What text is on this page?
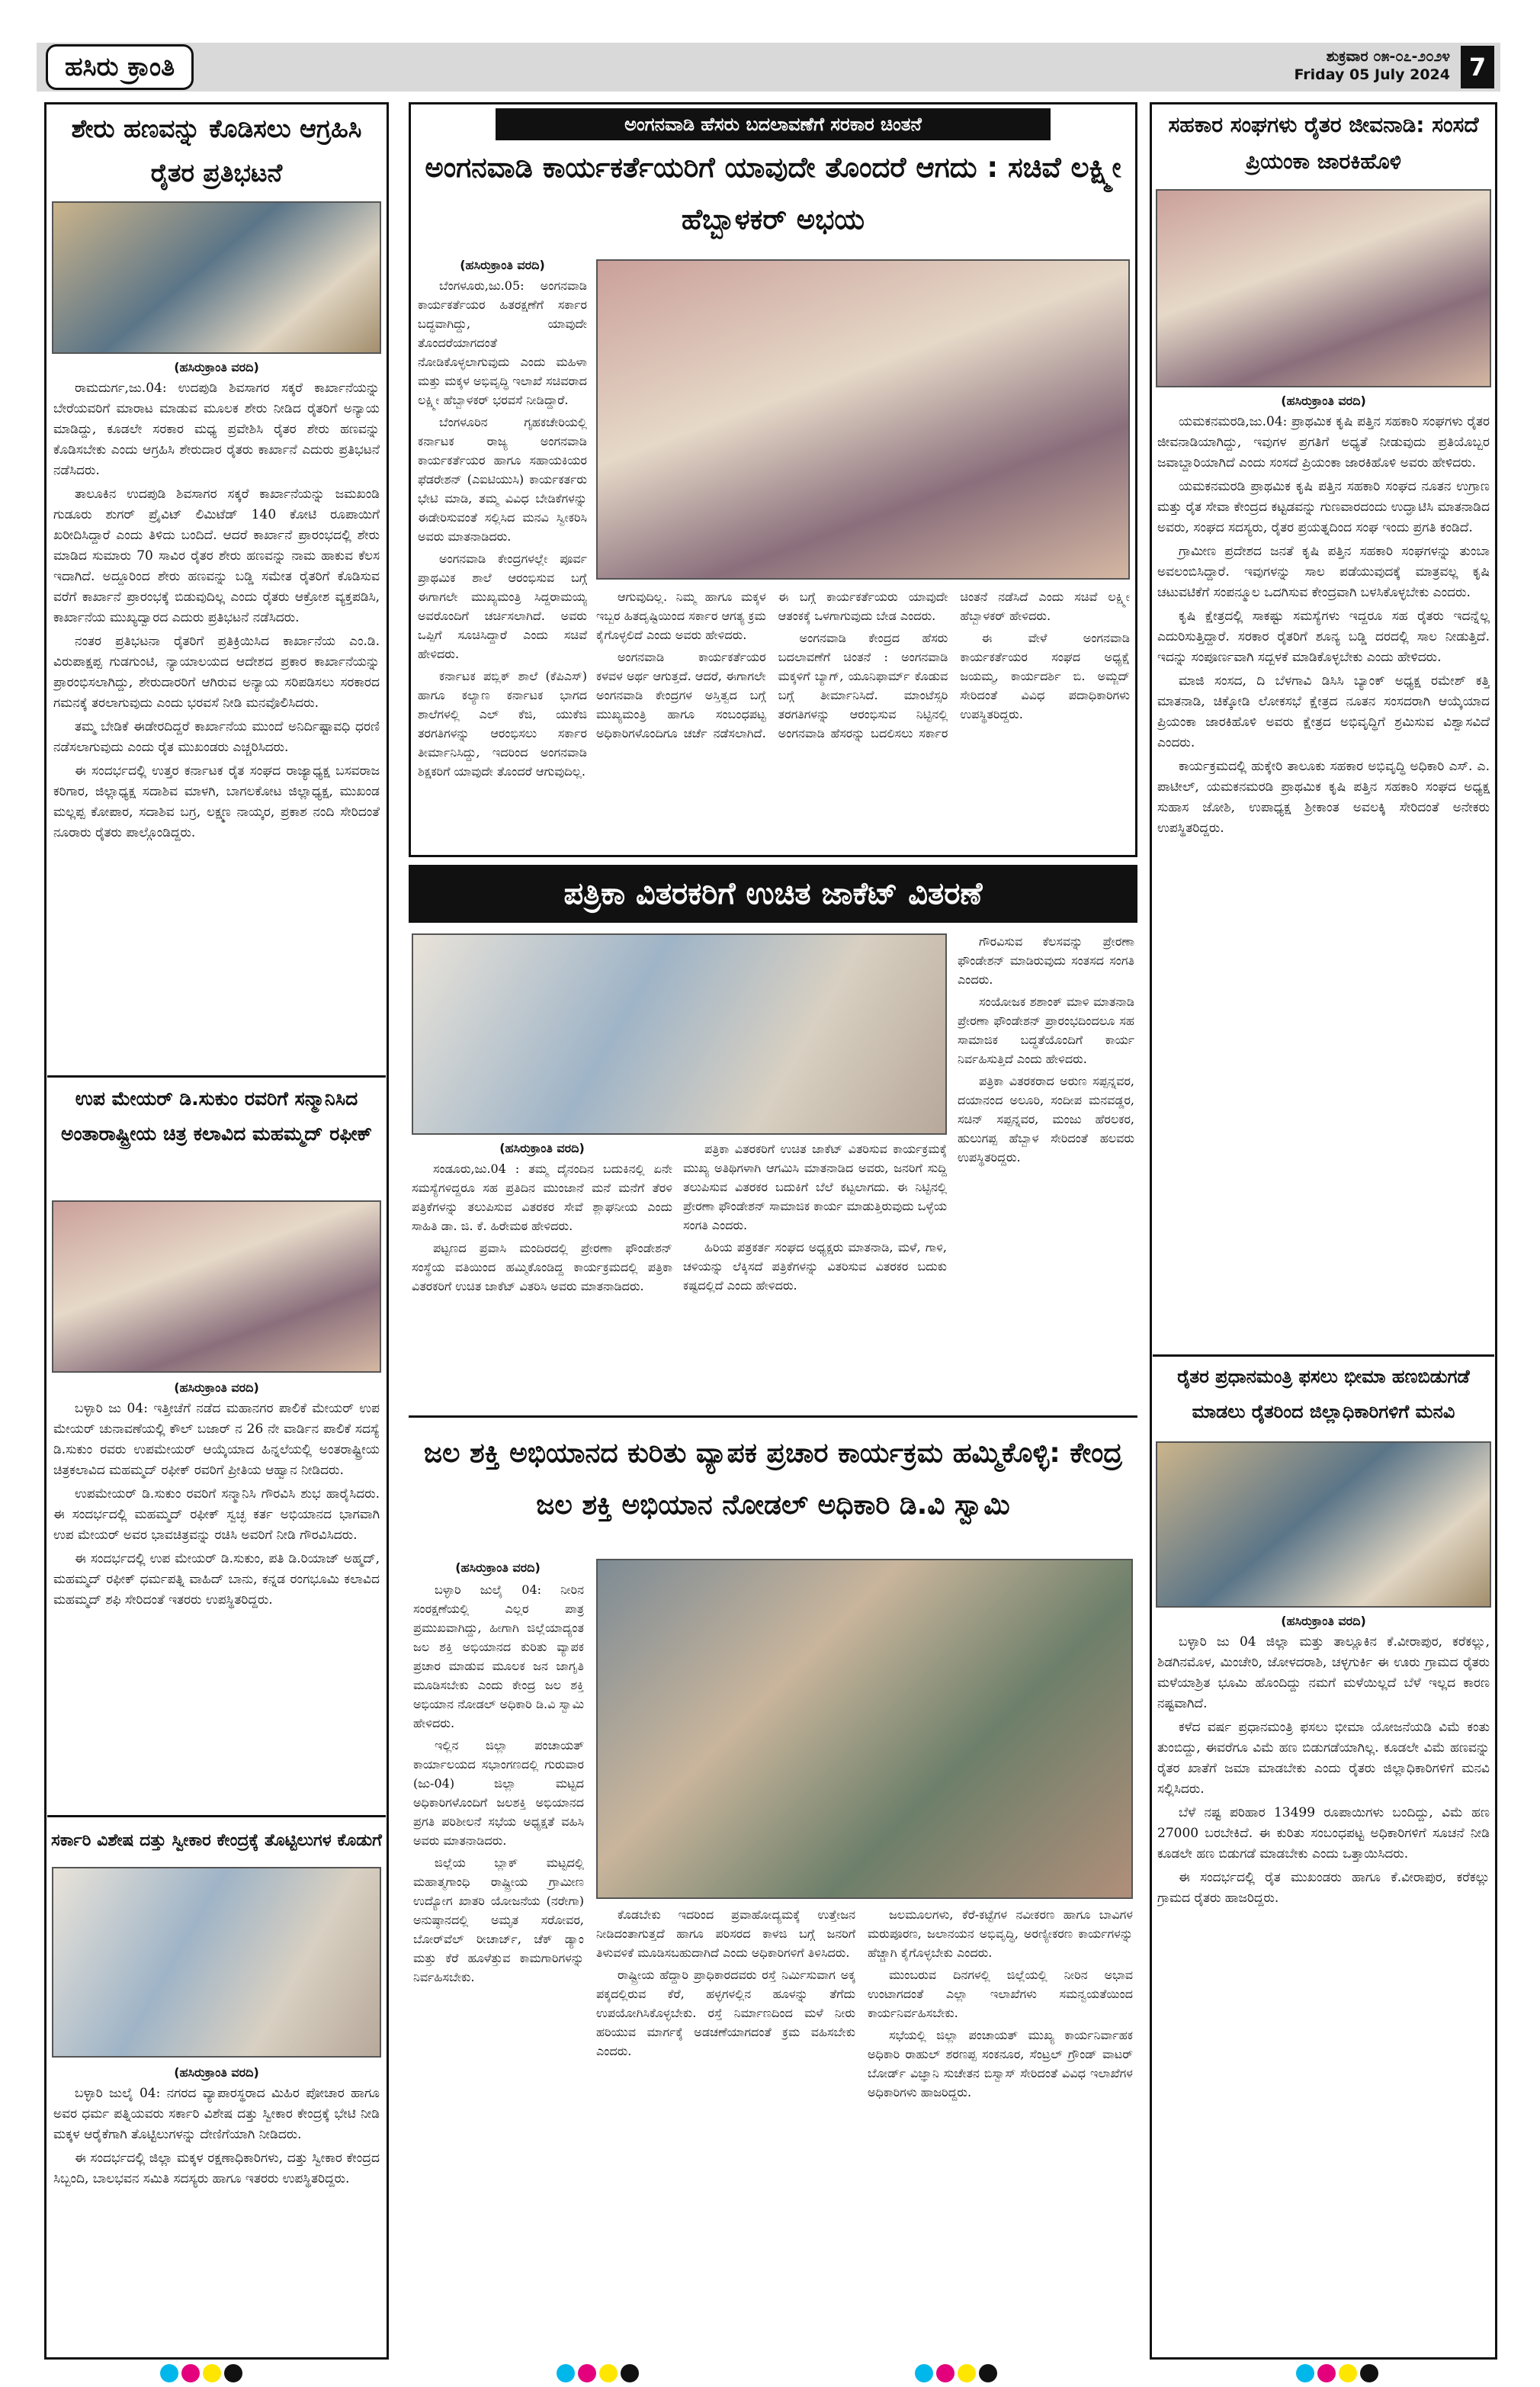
ಹಸಿರು ಕ್ರಾಂತಿ	ಶುಕ್ರವಾರ ೦೫-೦೭-೨೦೨೪
Friday 05 July 2024 7
ಶೇರು ಹಣವನ್ನು ಕೊಡಿಸಲು ಆಗ್ರಹಿಸಿ ರೈತರ ಪ್ರತಿಭಟನೆ
(ಹಸಿರುಕ್ರಾಂತಿ ವರದಿ)

ರಾಮದುರ್ಗ,ಜು.04: ಉದಪುಡಿ ಶಿವಸಾಗರ ಸಕ್ಕರೆ ಕಾರ್ಖಾನೆಯನ್ನು ಬೇರೆಯವರಿಗೆ ಮಾರಾಟ ಮಾಡುವ ಮೂಲಕ ಶೇರು ನೀಡಿದ ರೈತರಿಗೆ ಅನ್ಯಾಯ ಮಾಡಿದ್ದು, ಕೂಡಲೇ ಸರಕಾರ ಮಧ್ಯ ಪ್ರವೇಶಿಸಿ ರೈತರ ಶೇರು ಹಣವನ್ನು ಕೊಡಿಸಬೇಕು ಎಂದು ಆಗ್ರಹಿಸಿ ಶೇರುದಾರ ರೈತರು ಕಾರ್ಖಾನೆ ಎದುರು ಪ್ರತಿಭಟನೆ ನಡೆಸಿದರು.

ತಾಲೂಕಿನ ಉದಪುಡಿ ಶಿವಸಾಗರ ಸಕ್ಕರೆ ಕಾರ್ಖಾನೆಯನ್ನು ಜಮಖಂಡಿ ಗುಡೂರು ಶುಗರ್ ಪ್ರೈವಿಟ್ ಲಿಮಿಟೆಡ್ 140 ಕೋಟಿ ರೂಪಾಯಿಗೆ ಖರೀದಿಸಿದ್ದಾರೆ ಎಂದು ತಿಳಿದು ಬಂದಿದೆ. ಆದರೆ ಕಾರ್ಖಾನೆ ಪ್ರಾರಂಭದಲ್ಲಿ ಶೇರು ಮಾಡಿದ ಸುಮಾರು 70 ಸಾವಿರ ರೈತರ ಶೇರು ಹಣವನ್ನು ನಾಮ ಹಾಕುವ ಕೆಲಸ ಇದಾಗಿದೆ. ಅದ್ದೂರಿಂದ ಶೇರು ಹಣವನ್ನು ಬಡ್ಡಿ ಸಮೇತ ರೈತರಿಗೆ ಕೊಡಿಸುವ ವರೆಗೆ ಕಾರ್ಖಾನೆ ಪ್ರಾರಂಭಕ್ಕೆ ಬಿಡುವುದಿಲ್ಲ ಎಂದು ರೈತರು ಆಕ್ರೋಶ ವ್ಯಕ್ತಪಡಿಸಿ, ಕಾರ್ಖಾನೆಯ ಮುಖ್ಯದ್ವಾರದ ಎದುರು ಪ್ರತಿಭಟನೆ ನಡೆಸಿದರು.

ನಂತರ ಪ್ರತಿಭಟನಾ ರೈತರಿಗೆ ಪ್ರತಿಕ್ರಿಯಿಸಿದ ಕಾರ್ಖಾನೆಯ ಎಂ.ಡಿ. ವಿರುಪಾಕ್ಷಪ್ಪ ಗುಡಗುಂಟಿ, ನ್ಯಾಯಾಲಯದ ಆದೇಶದ ಪ್ರಕಾರ ಕಾರ್ಖಾನೆಯನ್ನು ಪ್ರಾರಂಭಿಸಲಾಗಿದ್ದು, ಶೇರುದಾರರಿಗೆ ಆಗಿರುವ ಅನ್ಯಾಯ ಸರಿಪಡಿಸಲು ಸರಕಾರದ ಗಮನಕ್ಕೆ ತರಲಾಗುವುದು ಎಂದು ಭರವಸೆ ನೀಡಿ ಮನವೊಲಿಸಿದರು.

ತಮ್ಮ ಬೇಡಿಕೆ ಈಡೇರದಿದ್ದರೆ ಕಾರ್ಖಾನೆಯ ಮುಂದೆ ಅನಿರ್ದಿಷ್ಟಾವಧಿ ಧರಣಿ ನಡೆಸಲಾಗುವುದು ಎಂದು ರೈತ ಮುಖಂಡರು ಎಚ್ಚರಿಸಿದರು.

ಈ ಸಂದರ್ಭದಲ್ಲಿ ಉತ್ತರ ಕರ್ನಾಟಕ ರೈತ ಸಂಘದ ರಾಜ್ಯಾಧ್ಯಕ್ಷ ಬಸವರಾಜ ಕರಿಗಾರ, ಜಿಲ್ಲಾಧ್ಯಕ್ಷ ಸದಾಶಿವ ಮಾಳಗಿ, ಬಾಗಲಕೋಟ ಜಿಲ್ಲಾಧ್ಯಕ್ಷ, ಮುಖಂಡ ಮಲ್ಲಪ್ಪ ಕೋಪಾರ, ಸದಾಶಿವ ಬಗ್ರ, ಲಕ್ಷ್ಮಣ ನಾಯ್ಕರ, ಪ್ರಕಾಶ ನಂದಿ ಸೇರಿದಂತೆ ನೂರಾರು ರೈತರು ಪಾಲ್ಗೊಂಡಿದ್ದರು.

ಉಪ ಮೇಯರ್ ಡಿ.ಸುಕುಂ ರವರಿಗೆ ಸನ್ಮಾನಿಸಿದ ಅಂತಾರಾಷ್ಟ್ರೀಯ ಚಿತ್ರ ಕಲಾವಿದ ಮಹಮ್ಮದ್ ರಫೀಕ್
(ಹಸಿರುಕ್ರಾಂತಿ ವರದಿ)

ಬಳ್ಳಾರಿ ಜು 04: ಇತ್ತೀಚೆಗೆ ನಡೆದ ಮಹಾನಗರ ಪಾಲಿಕೆ ಮೇಯರ್ ಉಪ ಮೇಯರ್ ಚುನಾವಣೆಯಲ್ಲಿ ಕೌಲ್ ಬಜಾರ್ ನ 26 ನೇ ವಾರ್ಡಿನ ಪಾಲಿಕೆ ಸದಸ್ಯೆ ಡಿ.ಸುಕುಂ ರವರು ಉಪಮೇಯರ್ ಆಯ್ಕೆಯಾದ ಹಿನ್ನಲೆಯಲ್ಲಿ ಅಂತರಾಷ್ಟ್ರೀಯ ಚಿತ್ರಕಲಾವಿದ ಮಹಮ್ಮದ್ ರಫೀಕ್ ರವರಿಗೆ ಪ್ರೀತಿಯ ಆಹ್ವಾನ ನೀಡಿದರು.

ಉಪಮೇಯರ್ ಡಿ.ಸುಕುಂ ರವರಿಗೆ ಸನ್ಮಾನಿಸಿ ಗೌರವಿಸಿ ಶುಭ ಹಾರೈಸಿದರು. ಈ ಸಂದರ್ಭದಲ್ಲಿ ಮಹಮ್ಮದ್ ರಫೀಕ್ ಸ್ವಚ್ಛ ಕರ್ತ ಅಭಿಯಾನದ ಭಾಗವಾಗಿ ಉಪ ಮೇಯರ್ ಅವರ ಭಾವಚಿತ್ರವನ್ನು ರಚಿಸಿ ಅವರಿಗೆ ನೀಡಿ ಗೌರವಿಸಿದರು.

ಈ ಸಂದರ್ಭದಲ್ಲಿ ಉಪ ಮೇಯರ್ ಡಿ.ಸುಕುಂ, ಪತಿ ಡಿ.ರಿಯಾಜ್ ಅಹ್ಮದ್, ಮಹಮ್ಮದ್ ರಫೀಕ್ ಧರ್ಮಪತ್ನಿ ವಾಹಿದ್ ಬಾನು, ಕನ್ನಡ ರಂಗಭೂಮಿ ಕಲಾವಿದ ಮಹಮ್ಮದ್ ಶಫಿ ಸೇರಿದಂತೆ ಇತರರು ಉಪಸ್ಥಿತರಿದ್ದರು.

ಸರ್ಕಾರಿ ವಿಶೇಷ ದತ್ತು ಸ್ವೀಕಾರ ಕೇಂದ್ರಕ್ಕೆ ತೊಟ್ಟಿಲುಗಳ ಕೊಡುಗೆ
(ಹಸಿರುಕ್ರಾಂತಿ ವರದಿ)

ಬಳ್ಳಾರಿ ಜುಲೈ 04: ನಗರದ ವ್ಯಾಪಾರಸ್ಥರಾದ ಮಿಹಿರ ಪೋಚಾರ ಹಾಗೂ ಅವರ ಧರ್ಮ ಪತ್ನಿಯವರು ಸರ್ಕಾರಿ ವಿಶೇಷ ದತ್ತು ಸ್ವೀಕಾರ ಕೇಂದ್ರಕ್ಕೆ ಭೇಟಿ ನೀಡಿ ಮಕ್ಕಳ ಆರೈಕೆಗಾಗಿ ತೊಟ್ಟಿಲುಗಳನ್ನು ದೇಣಿಗೆಯಾಗಿ ನೀಡಿದರು.

ಈ ಸಂದರ್ಭದಲ್ಲಿ ಜಿಲ್ಲಾ ಮಕ್ಕಳ ರಕ್ಷಣಾಧಿಕಾರಿಗಳು, ದತ್ತು ಸ್ವೀಕಾರ ಕೇಂದ್ರದ ಸಿಬ್ಬಂದಿ, ಬಾಲಭವನ ಸಮಿತಿ ಸದಸ್ಯರು ಹಾಗೂ ಇತರರು ಉಪಸ್ಥಿತರಿದ್ದರು.

ಅಂಗನವಾಡಿ ಹೆಸರು ಬದಲಾವಣೆಗೆ ಸರಕಾರ ಚಿಂತನೆ
ಅಂಗನವಾಡಿ ಕಾರ್ಯಕರ್ತೆಯರಿಗೆ ಯಾವುದೇ ತೊಂದರೆ ಆಗದು : ಸಚಿವೆ ಲಕ್ಷ್ಮೀ ಹೆಬ್ಬಾಳಕರ್ ಅಭಯ
(ಹಸಿರುಕ್ರಾಂತಿ ವರದಿ)

ಬೆಂಗಳೂರು,ಜು.05: ಅಂಗನವಾಡಿ ಕಾರ್ಯಕರ್ತೆಯರ ಹಿತರಕ್ಷಣೆಗೆ ಸರ್ಕಾರ ಬದ್ಧವಾಗಿದ್ದು, ಯಾವುದೇ ತೊಂದರೆಯಾಗದಂತೆ ನೋಡಿಕೊಳ್ಳಲಾಗುವುದು ಎಂದು ಮಹಿಳಾ ಮತ್ತು ಮಕ್ಕಳ ಅಭಿವೃದ್ಧಿ ಇಲಾಖೆ ಸಚಿವರಾದ ಲಕ್ಷ್ಮೀ ಹೆಬ್ಬಾಳಕರ್ ಭರವಸೆ ನೀಡಿದ್ದಾರೆ.

ಬೆಂಗಳೂರಿನ ಗೃಹಕಚೇರಿಯಲ್ಲಿ ಕರ್ನಾಟಕ ರಾಜ್ಯ ಅಂಗನವಾಡಿ ಕಾರ್ಯಕರ್ತೆಯರ ಹಾಗೂ ಸಹಾಯಕಿಯರ ಫೆಡರೇಶನ್ (ಎಐಟಿಯುಸಿ) ಕಾರ್ಯಕರ್ತರು ಭೇಟಿ ಮಾಡಿ, ತಮ್ಮ ವಿವಿಧ ಬೇಡಿಕೆಗಳನ್ನು ಈಡೇರಿಸುವಂತೆ ಸಲ್ಲಿಸಿದ ಮನವಿ ಸ್ವೀಕರಿಸಿ ಅವರು ಮಾತನಾಡಿದರು.

ಅಂಗನವಾಡಿ ಕೇಂದ್ರಗಳಲ್ಲೇ ಪೂರ್ವ ಪ್ರಾಥಮಿಕ ಶಾಲೆ ಆರಂಭಿಸುವ ಬಗ್ಗೆ ಈಗಾಗಲೇ ಮುಖ್ಯಮಂತ್ರಿ ಸಿದ್ದರಾಮಯ್ಯ ಅವರೊಂದಿಗೆ ಚರ್ಚಿಸಲಾಗಿದೆ. ಅವರು ಒಪ್ಪಿಗೆ ಸೂಚಿಸಿದ್ದಾರೆ ಎಂದು ಸಚಿವೆ ಹೇಳಿದರು.

ಕರ್ನಾಟಕ ಪಬ್ಲಿಕ್ ಶಾಲೆ (ಕೆಪಿಎಸ್) ಹಾಗೂ ಕಲ್ಯಾಣ ಕರ್ನಾಟಕ ಭಾಗದ ಶಾಲೆಗಳಲ್ಲಿ ಎಲ್ ಕೆಜಿ, ಯುಕೆಜಿ ತರಗತಿಗಳನ್ನು ಆರಂಭಿಸಲು ಸರ್ಕಾರ ತೀರ್ಮಾನಿಸಿದ್ದು, ಇದರಿಂದ ಅಂಗನವಾಡಿ ಶಿಕ್ಷಕರಿಗೆ ಯಾವುದೇ ತೊಂದರೆ ಆಗುವುದಿಲ್ಲ.

ಆಗುವುದಿಲ್ಲ. ನಿಮ್ಮ ಹಾಗೂ ಮಕ್ಕಳ ಇಬ್ಬರ ಹಿತದೃಷ್ಟಿಯಿಂದ ಸರ್ಕಾರ ಆಗತ್ಯ ಕ್ರಮ ಕೈಗೊಳ್ಳಲಿದೆ ಎಂದು ಅವರು ಹೇಳಿದರು.

ಅಂಗನವಾಡಿ ಕಾರ್ಯಕರ್ತೆಯರ ಕಳವಳ ಅರ್ಥ ಆಗುತ್ತದೆ. ಆದರೆ, ಈಗಾಗಲೇ ಅಂಗನವಾಡಿ ಕೇಂದ್ರಗಳ ಅಸ್ತಿತ್ವದ ಬಗ್ಗೆ ಮುಖ್ಯಮಂತ್ರಿ ಹಾಗೂ ಸಂಬಂಧಪಟ್ಟ ಅಧಿಕಾರಿಗಳೊಂದಿಗೂ ಚರ್ಚೆ ನಡೆಸಲಾಗಿದೆ. ಈ ಬಗ್ಗೆ ಕಾರ್ಯಕರ್ತೆಯರು ಯಾವುದೇ ಆತಂಕಕ್ಕೆ ಒಳಗಾಗುವುದು ಬೇಡ ಎಂದರು.

ಅಂಗನವಾಡಿ ಕೇಂದ್ರದ ಹೆಸರು ಬದಲಾವಣೆಗೆ ಚಿಂತನೆ : ಅಂಗನವಾಡಿ ಮಕ್ಕಳಿಗೆ ಬ್ಯಾಗ್, ಯೂನಿಫಾರ್ಮ್ ಕೊಡುವ ಬಗ್ಗೆ ತೀರ್ಮಾನಿಸಿದೆ. ಮಾಂಟೆಸ್ಸರಿ ತರಗತಿಗಳನ್ನು ಆರಂಭಿಸುವ ನಿಟ್ಟಿನಲ್ಲಿ ಅಂಗನವಾಡಿ ಹೆಸರನ್ನು ಬದಲಿಸಲು ಸರ್ಕಾರ ಚಿಂತನೆ ನಡೆಸಿದೆ ಎಂದು ಸಚಿವೆ ಲಕ್ಷ್ಮೀ ಹೆಬ್ಬಾಳಕರ್ ಹೇಳಿದರು.

ಈ ವೇಳೆ ಅಂಗನವಾಡಿ ಕಾರ್ಯಕರ್ತೆಯರ ಸಂಘದ ಅಧ್ಯಕ್ಷೆ ಜಯಮ್ಮ, ಕಾರ್ಯದರ್ಶಿ ಬಿ. ಅಮ್ಜದ್ ಸೇರಿದಂತೆ ವಿವಿಧ ಪದಾಧಿಕಾರಿಗಳು ಉಪಸ್ಥಿತರಿದ್ದರು.

ಪತ್ರಿಕಾ ವಿತರಕರಿಗೆ ಉಚಿತ ಜಾಕೆಟ್ ವಿತರಣೆ

ಗೌರವಿಸುವ ಕೆಲಸವನ್ನು ಪ್ರೇರಣಾ ಫೌಂಡೇಶನ್ ಮಾಡಿರುವುದು ಸಂತಸದ ಸಂಗತಿ ಎಂದರು.

ಸಂಯೋಜಕ ಶಶಾಂಕ್ ಮಾಳಿ ಮಾತನಾಡಿ ಪ್ರೇರಣಾ ಫೌಂಡೇಶನ್ ಪ್ರಾರಂಭದಿಂದಲೂ ಸಹ ಸಾಮಾಜಿಕ ಬದ್ಧತೆಯೊಂದಿಗೆ ಕಾರ್ಯ ನಿರ್ವಹಿಸುತ್ತಿದೆ ಎಂದು ಹೇಳಿದರು.

ಪತ್ರಿಕಾ ವಿತರಕರಾದ ಅರುಣ ಸಪ್ಪನ್ನವರ, ದಯಾನಂದ ಅಲೂರಿ, ಸಂದೀಪ ಮನವಡ್ಡರ, ಸಚಿನ್ ಸಪ್ಪನ್ನವರ, ಮಂಜು ಹೆರಲಕರ, ಹುಲುಗಪ್ಪ ಹೆಬ್ಬಾಳ ಸೇರಿದಂತೆ ಹಲವರು ಉಪಸ್ಥಿತರಿದ್ದರು.

(ಹಸಿರುಕ್ರಾಂತಿ ವರದಿ)

ಸಂಡೂರು,ಜು.04 : ತಮ್ಮ ದೈನಂದಿನ ಬದುಕಿನಲ್ಲಿ ಏನೇ ಸಮಸ್ಯೆಗಳಿದ್ದರೂ ಸಹ ಪ್ರತಿದಿನ ಮುಂಜಾನೆ ಮನೆ ಮನೆಗೆ ತೆರಳಿ ಪತ್ರಿಕೆಗಳನ್ನು ತಲುಪಿಸುವ ವಿತರಕರ ಸೇವೆ ಶ್ಲಾಘನೀಯ ಎಂದು ಸಾಹಿತಿ ಡಾ. ಜಿ. ಕೆ. ಹಿರೇಮಠ ಹೇಳಿದರು.

ಪಟ್ಟಣದ ಪ್ರವಾಸಿ ಮಂದಿರದಲ್ಲಿ ಪ್ರೇರಣಾ ಫೌಂಡೇಶನ್ ಸಂಸ್ಥೆಯ ವತಿಯಿಂದ ಹಮ್ಮಿಕೊಂಡಿದ್ದ ಕಾರ್ಯಕ್ರಮದಲ್ಲಿ ಪತ್ರಿಕಾ ವಿತರಕರಿಗೆ ಉಚಿತ ಜಾಕೆಟ್ ವಿತರಿಸಿ ಅವರು ಮಾತನಾಡಿದರು.

ಪತ್ರಿಕಾ ವಿತರಕರಿಗೆ ಉಚಿತ ಜಾಕೆಟ್ ವಿತರಿಸುವ ಕಾರ್ಯಕ್ರಮಕ್ಕೆ ಮುಖ್ಯ ಅತಿಥಿಗಳಾಗಿ ಆಗಮಿಸಿ ಮಾತನಾಡಿದ ಅವರು, ಜನರಿಗೆ ಸುದ್ದಿ ತಲುಪಿಸುವ ವಿತರಕರ ಬದುಕಿಗೆ ಬೆಲೆ ಕಟ್ಟಲಾಗದು. ಈ ನಿಟ್ಟಿನಲ್ಲಿ ಪ್ರೇರಣಾ ಫೌಂಡೇಶನ್ ಸಾಮಾಜಿಕ ಕಾರ್ಯ ಮಾಡುತ್ತಿರುವುದು ಒಳ್ಳೆಯ ಸಂಗತಿ ಎಂದರು.

ಹಿರಿಯ ಪತ್ರಕರ್ತ ಸಂಘದ ಅಧ್ಯಕ್ಷರು ಮಾತನಾಡಿ, ಮಳೆ, ಗಾಳಿ, ಚಳಿಯನ್ನು ಲೆಕ್ಕಿಸದೆ ಪತ್ರಿಕೆಗಳನ್ನು ವಿತರಿಸುವ ವಿತರಕರ ಬದುಕು ಕಷ್ಟದಲ್ಲಿದೆ ಎಂದು ಹೇಳಿದರು.

ಜಲ ಶಕ್ತಿ ಅಭಿಯಾನದ ಕುರಿತು ವ್ಯಾಪಕ ಪ್ರಚಾರ ಕಾರ್ಯಕ್ರಮ ಹಮ್ಮಿಕೊಳ್ಳಿ: ಕೇಂದ್ರ ಜಲ ಶಕ್ತಿ ಅಭಿಯಾನ ನೋಡಲ್ ಅಧಿಕಾರಿ ಡಿ.ವಿ ಸ್ವಾಮಿ
(ಹಸಿರುಕ್ರಾಂತಿ ವರದಿ)

ಬಳ್ಳಾರಿ ಜುಲೈ 04: ನೀರಿನ ಸಂರಕ್ಷಣೆಯಲ್ಲಿ ಎಲ್ಲರ ಪಾತ್ರ ಪ್ರಮುಖವಾಗಿದ್ದು, ಹೀಗಾಗಿ ಜಿಲ್ಲೆಯಾದ್ಯಂತ ಜಲ ಶಕ್ತಿ ಅಭಿಯಾನದ ಕುರಿತು ವ್ಯಾಪಕ ಪ್ರಚಾರ ಮಾಡುವ ಮೂಲಕ ಜನ ಜಾಗೃತಿ ಮೂಡಿಸಬೇಕು ಎಂದು ಕೇಂದ್ರ ಜಲ ಶಕ್ತಿ ಅಭಿಯಾನ ನೋಡಲ್ ಅಧಿಕಾರಿ ಡಿ.ವಿ ಸ್ವಾಮಿ ಹೇಳಿದರು.

ಇಲ್ಲಿನ ಜಿಲ್ಲಾ ಪಂಚಾಯತ್ ಕಾರ್ಯಾಲಯದ ಸಭಾಂಗಣದಲ್ಲಿ ಗುರುವಾರ (ಜು-04) ಜಿಲ್ಲಾ ಮಟ್ಟದ ಅಧಿಕಾರಿಗಳೊಂದಿಗೆ ಜಲಶಕ್ತಿ ಅಭಿಯಾನದ ಪ್ರಗತಿ ಪರಿಶೀಲನೆ ಸಭೆಯ ಅಧ್ಯಕ್ಷತೆ ವಹಿಸಿ ಅವರು ಮಾತನಾಡಿದರು.

ಜಿಲ್ಲೆಯ ಬ್ಲಾಕ್ ಮಟ್ಟದಲ್ಲಿ ಮಹಾತ್ಮಗಾಂಧಿ ರಾಷ್ಟ್ರೀಯ ಗ್ರಾಮೀಣ ಉದ್ಯೋಗ ಖಾತರಿ ಯೋಜನೆಯ (ನರೇಗಾ) ಅನುಷ್ಠಾನದಲ್ಲಿ ಅಮೃತ ಸರೋವರ, ಬೋರ್‌ವೆಲ್ ರೀಚಾರ್ಜ್, ಚೆಕ್ ಡ್ಯಾಂ ಮತ್ತು ಕೆರೆ ಹೂಳೆತ್ತುವ ಕಾಮಗಾರಿಗಳನ್ನು ನಿರ್ವಹಿಸಬೇಕು.

ಕೊಡಬೇಕು ಇದರಿಂದ ಪ್ರವಾಹೋದ್ಯಮಕ್ಕೆ ಉತ್ತೇಜನ ನೀಡಿದಂತಾಗುತ್ತದೆ ಹಾಗೂ ಪರಿಸರದ ಕಾಳಜಿ ಬಗ್ಗೆ ಜನರಿಗೆ ತಿಳುವಳಿಕೆ ಮೂಡಿಸಬಹುದಾಗಿದೆ ಎಂದು ಅಧಿಕಾರಿಗಳಿಗೆ ತಿಳಿಸಿದರು.

ರಾಷ್ಟ್ರೀಯ ಹೆದ್ದಾರಿ ಪ್ರಾಧಿಕಾರದವರು ರಸ್ತೆ ನಿರ್ಮಿಸುವಾಗ ಅಕ್ಕ ಪಕ್ಕದಲ್ಲಿರುವ ಕೆರೆ, ಹಳ್ಳಗಳಲ್ಲಿನ ಹೂಳನ್ನು ತೆಗೆದು ಉಪಯೋಗಿಸಿಕೊಳ್ಳಬೇಕು. ರಸ್ತೆ ನಿರ್ಮಾಣದಿಂದ ಮಳೆ ನೀರು ಹರಿಯುವ ಮಾರ್ಗಕ್ಕೆ ಅಡಚಣೆಯಾಗದಂತೆ ಕ್ರಮ ವಹಿಸಬೇಕು ಎಂದರು.

ಜಲಮೂಲಗಳು, ಕೆರೆ-ಕಟ್ಟೆಗಳ ನವೀಕರಣ ಹಾಗೂ ಬಾವಿಗಳ ಮರುಪೂರಣ, ಜಲಾನಯನ ಅಭಿವೃದ್ಧಿ, ಅರಣ್ಯೀಕರಣ ಕಾರ್ಯಗಳನ್ನು ಹೆಚ್ಚಾಗಿ ಕೈಗೊಳ್ಳಬೇಕು ಎಂದರು.

ಮುಂಬರುವ ದಿನಗಳಲ್ಲಿ ಜಿಲ್ಲೆಯಲ್ಲಿ ನೀರಿನ ಅಭಾವ ಉಂಟಾಗದಂತೆ ಎಲ್ಲಾ ಇಲಾಖೆಗಳು ಸಮನ್ವಯತೆಯಿಂದ ಕಾರ್ಯನಿರ್ವಹಿಸಬೇಕು.

ಸಭೆಯಲ್ಲಿ ಜಿಲ್ಲಾ ಪಂಚಾಯತ್ ಮುಖ್ಯ ಕಾರ್ಯನಿರ್ವಾಹಕ ಅಧಿಕಾರಿ ರಾಹುಲ್ ಶರಣಪ್ಪ ಸಂಕನೂರ, ಸೆಂಟ್ರಲ್ ಗ್ರೌಂಡ್ ವಾಟರ್ ಬೋರ್ಡ್ ವಿಜ್ಞಾನಿ ಸುಚೇತನ ಬಿಸ್ವಾಸ್ ಸೇರಿದಂತೆ ವಿವಿಧ ಇಲಾಖೆಗಳ ಅಧಿಕಾರಿಗಳು ಹಾಜರಿದ್ದರು.

ಸಹಕಾರ ಸಂಘಗಳು ರೈತರ ಜೀವನಾಡಿ: ಸಂಸದೆ ಪ್ರಿಯಂಕಾ ಜಾರಕಿಹೊಳಿ
(ಹಸಿರುಕ್ರಾಂತಿ ವರದಿ)

ಯಮಕನಮರಡಿ,ಜು.04: ಪ್ರಾಥಮಿಕ ಕೃಷಿ ಪತ್ತಿನ ಸಹಕಾರಿ ಸಂಘಗಳು ರೈತರ ಜೀವನಾಡಿಯಾಗಿದ್ದು, ಇವುಗಳ ಪ್ರಗತಿಗೆ ಅಧ್ಯತೆ ನೀಡುವುದು ಪ್ರತಿಯೊಬ್ಬರ ಜವಾಬ್ದಾರಿಯಾಗಿದೆ ಎಂದು ಸಂಸದೆ ಪ್ರಿಯಂಕಾ ಜಾರಕಿಹೊಳಿ ಅವರು ಹೇಳಿದರು.

ಯಮಕನಮರಡಿ ಪ್ರಾಥಮಿಕ ಕೃಷಿ ಪತ್ತಿನ ಸಹಕಾರಿ ಸಂಘದ ನೂತನ ಉಗ್ರಾಣ ಮತ್ತು ರೈತ ಸೇವಾ ಕೇಂದ್ರದ ಕಟ್ಟಡವನ್ನು ಗುಣವಾರದಂದು ಉದ್ಘಾಟಿಸಿ ಮಾತನಾಡಿದ ಅವರು, ಸಂಘದ ಸದಸ್ಯರು, ರೈತರ ಪ್ರಯತ್ನದಿಂದ ಸಂಘ ಇಂದು ಪ್ರಗತಿ ಕಂಡಿದೆ.

ಗ್ರಾಮೀಣ ಪ್ರದೇಶದ ಜನತೆ ಕೃಷಿ ಪತ್ತಿನ ಸಹಕಾರಿ ಸಂಘಗಳನ್ನು ತುಂಬಾ ಅವಲಂಬಿಸಿದ್ದಾರೆ. ಇವುಗಳನ್ನು ಸಾಲ ಪಡೆಯುವುದಕ್ಕೆ ಮಾತ್ರವಲ್ಲ ಕೃಷಿ ಚಟುವಟಿಕೆಗೆ ಸಂಪನ್ಮೂಲ ಒದಗಿಸುವ ಕೇಂದ್ರವಾಗಿ ಬಳಸಿಕೊಳ್ಳಬೇಕು ಎಂದರು.

ಕೃಷಿ ಕ್ಷೇತ್ರದಲ್ಲಿ ಸಾಕಷ್ಟು ಸಮಸ್ಯೆಗಳು ಇದ್ದರೂ ಸಹ ರೈತರು ಇದನ್ನೆಲ್ಲ ಎದುರಿಸುತ್ತಿದ್ದಾರೆ. ಸರಕಾರ ರೈತರಿಗೆ ಶೂನ್ಯ ಬಡ್ಡಿ ದರದಲ್ಲಿ ಸಾಲ ನೀಡುತ್ತಿದೆ. ಇದನ್ನು ಸಂಪೂರ್ಣವಾಗಿ ಸದ್ಬಳಕೆ ಮಾಡಿಕೊಳ್ಳಬೇಕು ಎಂದು ಹೇಳಿದರು.

ಮಾಜಿ ಸಂಸದ, ದಿ ಬೆಳಗಾವಿ ಡಿಸಿಸಿ ಬ್ಯಾಂಕ್ ಅಧ್ಯಕ್ಷ ರಮೇಶ್ ಕತ್ತಿ ಮಾತನಾಡಿ, ಚಿಕ್ಕೋಡಿ ಲೋಕಸಭೆ ಕ್ಷೇತ್ರದ ನೂತನ ಸಂಸದರಾಗಿ ಆಯ್ಕೆಯಾದ ಪ್ರಿಯಂಕಾ ಜಾರಕಿಹೊಳಿ ಅವರು ಕ್ಷೇತ್ರದ ಅಭಿವೃದ್ಧಿಗೆ ಶ್ರಮಿಸುವ ವಿಶ್ವಾಸವಿದೆ ಎಂದರು.

ಕಾರ್ಯಕ್ರಮದಲ್ಲಿ ಹುಕ್ಕೇರಿ ತಾಲೂಕು ಸಹಕಾರ ಅಭಿವೃದ್ಧಿ ಅಧಿಕಾರಿ ಎಸ್. ಎ. ಪಾಟೀಲ್, ಯಮಕನಮರಡಿ ಪ್ರಾಥಮಿಕ ಕೃಷಿ ಪತ್ತಿನ ಸಹಕಾರಿ ಸಂಘದ ಅಧ್ಯಕ್ಷ ಸುಹಾಸ ಜೋಶಿ, ಉಪಾಧ್ಯಕ್ಷ ಶ್ರೀಕಾಂತ ಅವಲಕ್ಕಿ ಸೇರಿದಂತೆ ಅನೇಕರು ಉಪಸ್ಥಿತರಿದ್ದರು.

ರೈತರ ಪ್ರಧಾನಮಂತ್ರಿ ಫಸಲು ಭೀಮಾ ಹಣಬಿಡುಗಡೆ ಮಾಡಲು ರೈತರಿಂದ ಜಿಲ್ಲಾಧಿಕಾರಿಗಳಿಗೆ ಮನವಿ
(ಹಸಿರುಕ್ರಾಂತಿ ವರದಿ)

ಬಳ್ಳಾರಿ ಜು 04 ಜಿಲ್ಲಾ ಮತ್ತು ತಾಲ್ಲೂಕಿನ ಕೆ.ವೀರಾಪುರ, ಕರೆಕಲ್ಲು, ಶಿಡಗಿನಮೊಳ, ಮಿಂಚೇರಿ, ಜೋಳದರಾಶಿ, ಚಳ್ಳಗುರ್ಕಿ ಈ ಊರು ಗ್ರಾಮದ ರೈತರು ಮಳೆಯಾಶ್ರಿತ ಭೂಮಿ ಹೊಂದಿದ್ದು ನಮಗೆ ಮಳೆಯಿಲ್ಲದೆ ಬೆಳೆ ಇಲ್ಲದ ಕಾರಣ ನಷ್ಟವಾಗಿದೆ.

ಕಳೆದ ವರ್ಷ ಪ್ರಧಾನಮಂತ್ರಿ ಫಸಲು ಭೀಮಾ ಯೋಜನೆಯಡಿ ವಿಮೆ ಕಂತು ತುಂಬಿದ್ದು, ಈವರೆಗೂ ವಿಮೆ ಹಣ ಬಿಡುಗಡೆಯಾಗಿಲ್ಲ. ಕೂಡಲೇ ವಿಮೆ ಹಣವನ್ನು ರೈತರ ಖಾತೆಗೆ ಜಮಾ ಮಾಡಬೇಕು ಎಂದು ರೈತರು ಜಿಲ್ಲಾಧಿಕಾರಿಗಳಿಗೆ ಮನವಿ ಸಲ್ಲಿಸಿದರು.

ಬೆಳೆ ನಷ್ಟ ಪರಿಹಾರ 13499 ರೂಪಾಯಿಗಳು ಬಂದಿದ್ದು, ವಿಮೆ ಹಣ 27000 ಬರಬೇಕಿದೆ. ಈ ಕುರಿತು ಸಂಬಂಧಪಟ್ಟ ಅಧಿಕಾರಿಗಳಿಗೆ ಸೂಚನೆ ನೀಡಿ ಕೂಡಲೇ ಹಣ ಬಿಡುಗಡೆ ಮಾಡಬೇಕು ಎಂದು ಒತ್ತಾಯಿಸಿದರು.

ಈ ಸಂದರ್ಭದಲ್ಲಿ ರೈತ ಮುಖಂಡರು ಹಾಗೂ ಕೆ.ವೀರಾಪುರ, ಕರೆಕಲ್ಲು ಗ್ರಾಮದ ರೈತರು ಹಾಜರಿದ್ದರು.
